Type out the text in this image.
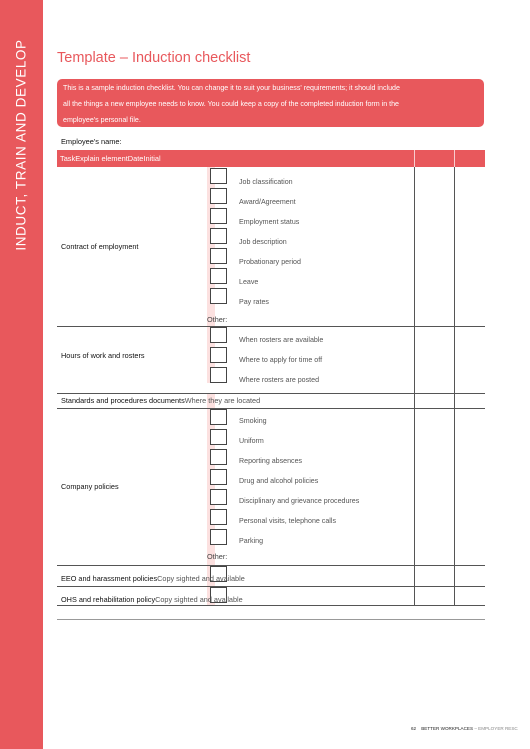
INDUCT, TRAIN AND DEVELOP Template – Induction checklist
This is a sample induction checklist. You can change it to suit your business' requirements; it should include
all the things a new employee needs to know. You could keep a copy of the completed induction form in the
employee's personal file.
Employee's name:
TaskExplain elementDateInitial
Contract of employment
Job classification
Award/Agreement
Employment status
Job description
Probationary period
Leave
Pay rates
Other:
Hours of work and rosters
When rosters are available
Where to apply for time off
Where rosters are posted
Standards and procedures documentsWhere they are located
Company policies
Smoking
Uniform
Reporting absences
Drug and alcohol policies
Disciplinary and grievance procedures
Personal visits, telephone calls
Parking
Other:
EEO and harassment policiesCopy sighted and available
OHS and rehabilitation policyCopy sighted and available
62 BETTER WORKPLACES – EMPLOYER RESC
